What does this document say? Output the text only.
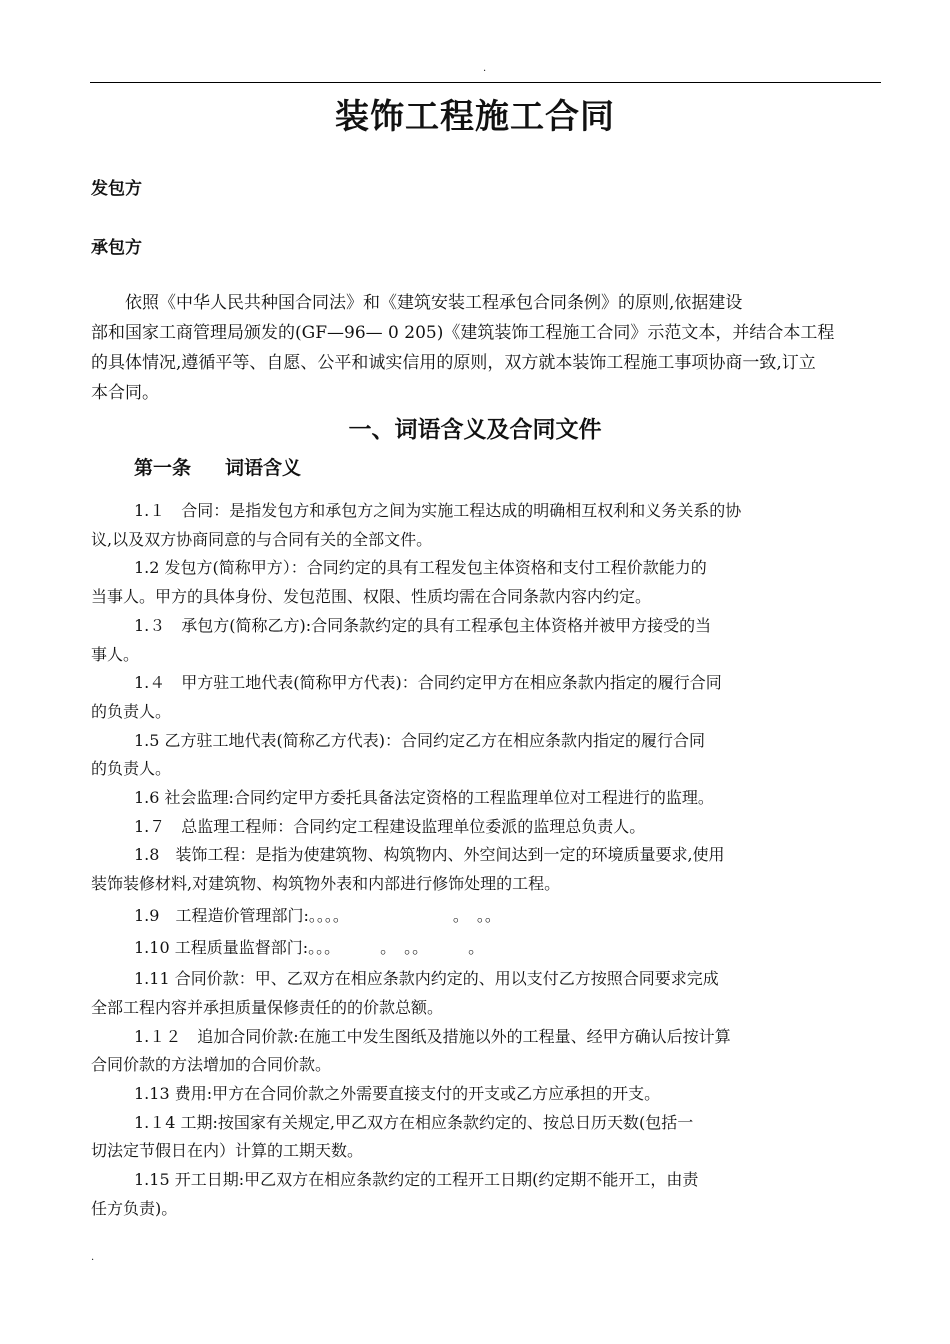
.
装饰工程施工合同
发包方
承包方

依照《中华人民共种国合同法》和《建筑安装工程承包合同条例》的原则,依据建设
部和国家工商管理局颁发的(GF—96— 0 205)《建筑装饰工程施工合同》示范文本，并结合本工程
的具体情况,遵循平等、自愿、公平和诚实信用的原则，双方就本装饰工程施工事项协商一致,订立
本合同。

一、词语含义及合同文件
第一条 词语含义

1.１　合同：是指发包方和承包方之间为实施工程达成的明确相互权利和义务关系的协
议,以及双方协商同意的与合同有关的全部文件。

1.2 发包方(简称甲方）：合同约定的具有工程发包主体资格和支付工程价款能力的
当事人。甲方的具体身份、发包范围、权限、性质均需在合同条款内容内约定。

1.３　承包方(简称乙方):合同条款约定的具有工程承包主体资格并被甲方接受的当
事人。

1.４　甲方驻工地代表(简称甲方代表)：合同约定甲方在相应条款内指定的履行合同
的负责人。

1.5 乙方驻工地代表(简称乙方代表)：合同约定乙方在相应条款内指定的履行合同
的负责人。

1.6 社会监理:合同约定甲方委托具备法定资格的工程监理单位对工程进行的监理。

1.７　总监理工程师：合同约定工程建设监理单位委派的监理总负责人。

1.8　装饰工程：是指为使建筑物、构筑物内、外空间达到一定的环境质量要求,使用
装饰装修材料,对建筑物、构筑物外表和内部进行修饰处理的工程。

1.9　工程造价管理部门:。。。。　　　　　　　。　。。

1.10 工程质量监督部门:。。。　　　。　。。　　　。

1.11 合同价款：甲、乙双方在相应条款内约定的、用以支付乙方按照合同要求完成
全部工程内容并承担质量保修责任的的价款总额。

1.１２　追加合同价款:在施工中发生图纸及措施以外的工程量、经甲方确认后按计算
合同价款的方法增加的合同价款。

1.13 费用:甲方在合同价款之外需要直接支付的开支或乙方应承担的开支。

1.１4 工期:按国家有关规定,甲乙双方在相应条款约定的、按总日历天数(包括一
切法定节假日在内）计算的工期天数。

1.15 开工日期:甲乙双方在相应条款约定的工程开工日期(约定期不能开工，由责
任方负责)。

.
